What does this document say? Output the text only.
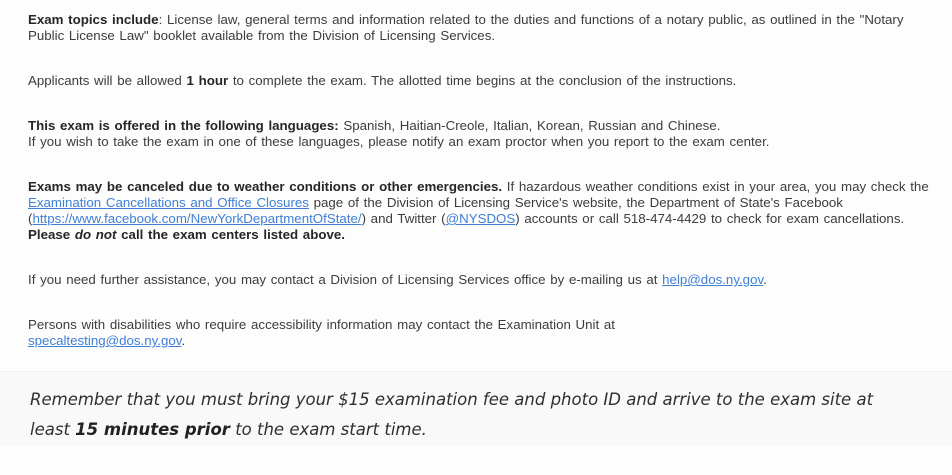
Exam topics include: License law, general terms and information related to the duties and functions of a notary public, as outlined in the "Notary Public License Law" booklet available from the Division of Licensing Services.

Applicants will be allowed 1 hour to complete the exam. The allotted time begins at the conclusion of the instructions.

This exam is offered in the following languages: Spanish, Haitian-Creole, Italian, Korean, Russian and Chinese.
If you wish to take the exam in one of these languages, please notify an exam proctor when you report to the exam center.

Exams may be canceled due to weather conditions or other emergencies. If hazardous weather conditions exist in your area, you may check the Examination Cancellations and Office Closures page of the Division of Licensing Service's website, the Department of State's Facebook (https://www.facebook.com/NewYorkDepartmentOfState/) and Twitter (@NYSDOS) accounts or call 518-474-4429 to check for exam cancellations. Please do not call the exam centers listed above.

If you need further assistance, you may contact a Division of Licensing Services office by e-mailing us at help@dos.ny.gov.

Persons with disabilities who require accessibility information may contact the Examination Unit at
specaltesting@dos.ny.gov.

Remember that you must bring your $15 examination fee and photo ID and arrive to the exam site at
least 15 minutes prior to the exam start time.
